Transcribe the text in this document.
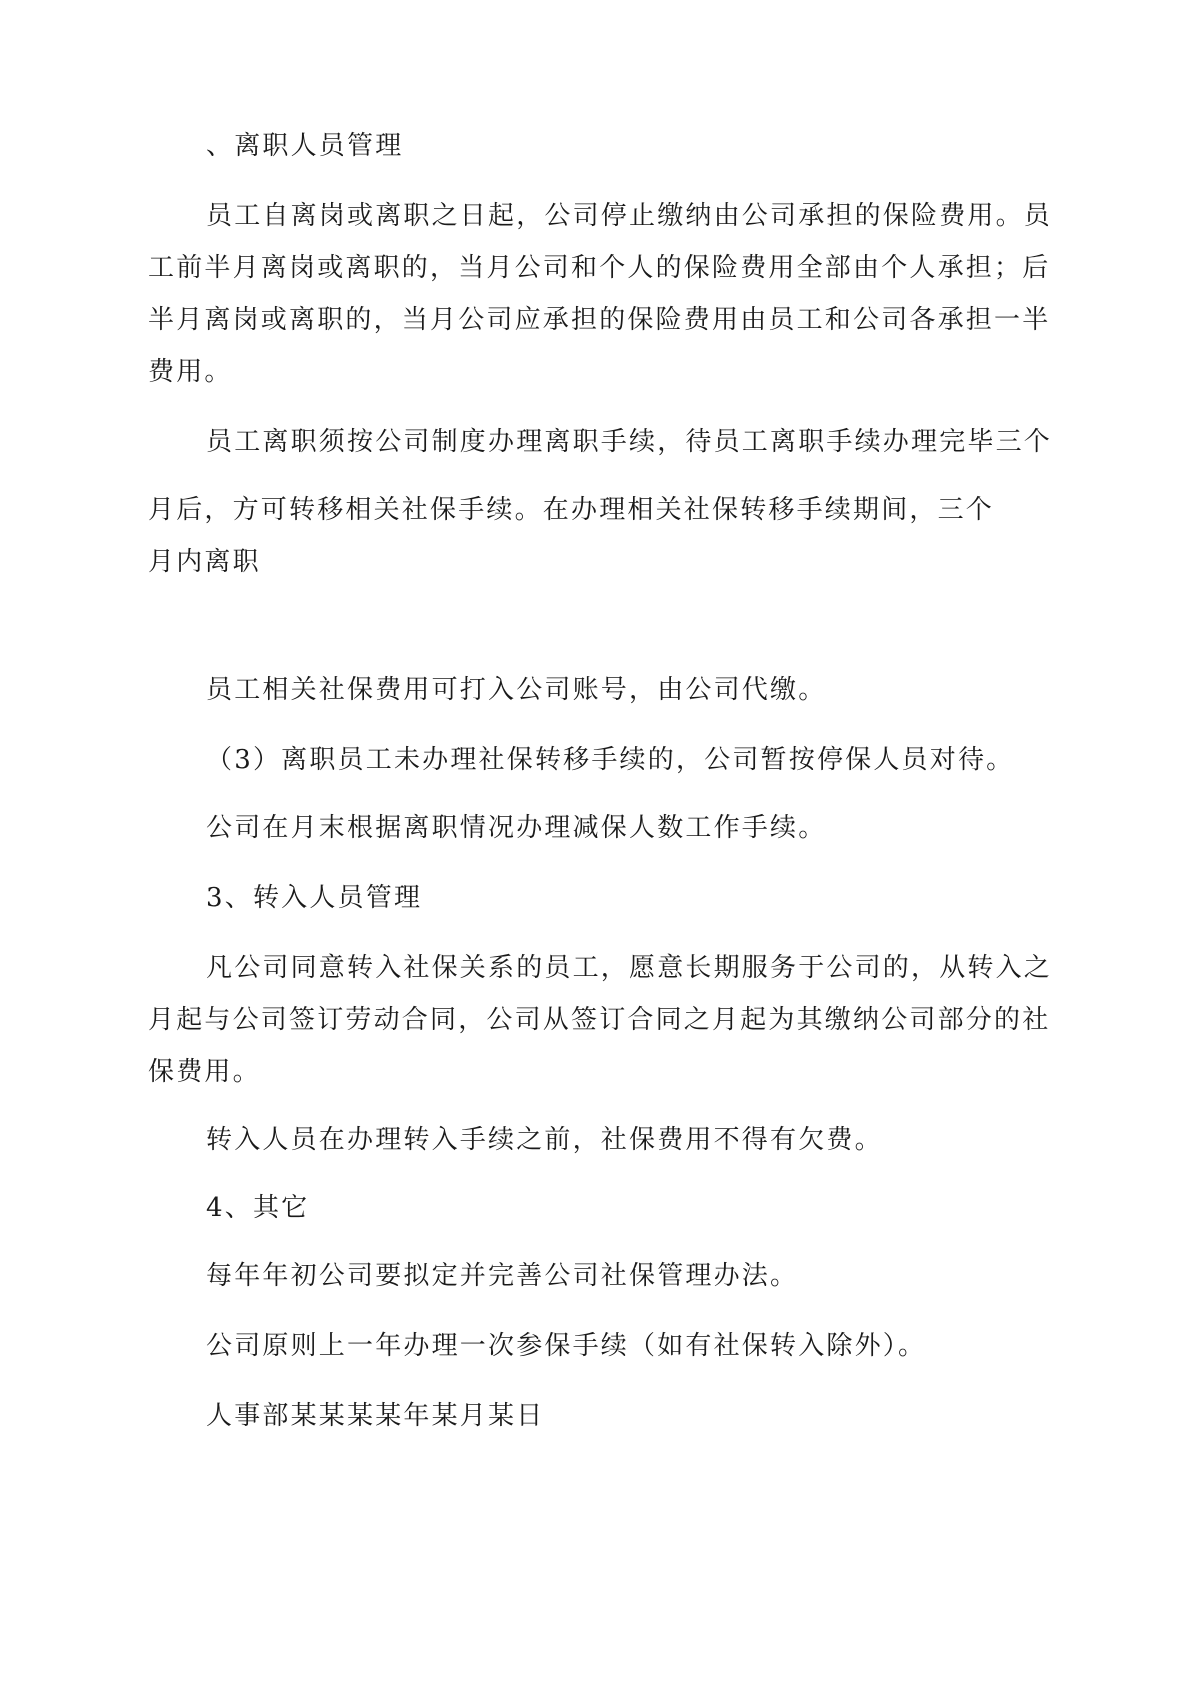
、离职人员管理
员工自离岗或离职之日起，公司停止缴纳由公司承担的保险费用。员
工前半月离岗或离职的，当月公司和个人的保险费用全部由个人承担；后
半月离岗或离职的，当月公司应承担的保险费用由员工和公司各承担一半
费用。
员工离职须按公司制度办理离职手续，待员工离职手续办理完毕三个
月后，方可转移相关社保手续。在办理相关社保转移手续期间，三个
月内离职
员工相关社保费用可打入公司账号，由公司代缴。
（3）离职员工未办理社保转移手续的，公司暂按停保人员对待。
公司在月末根据离职情况办理减保人数工作手续。
3、转入人员管理
凡公司同意转入社保关系的员工，愿意长期服务于公司的，从转入之
月起与公司签订劳动合同，公司从签订合同之月起为其缴纳公司部分的社
保费用。
转入人员在办理转入手续之前，社保费用不得有欠费。
4、其它
每年年初公司要拟定并完善公司社保管理办法。
公司原则上一年办理一次参保手续（如有社保转入除外）。
人事部某某某某年某月某日
